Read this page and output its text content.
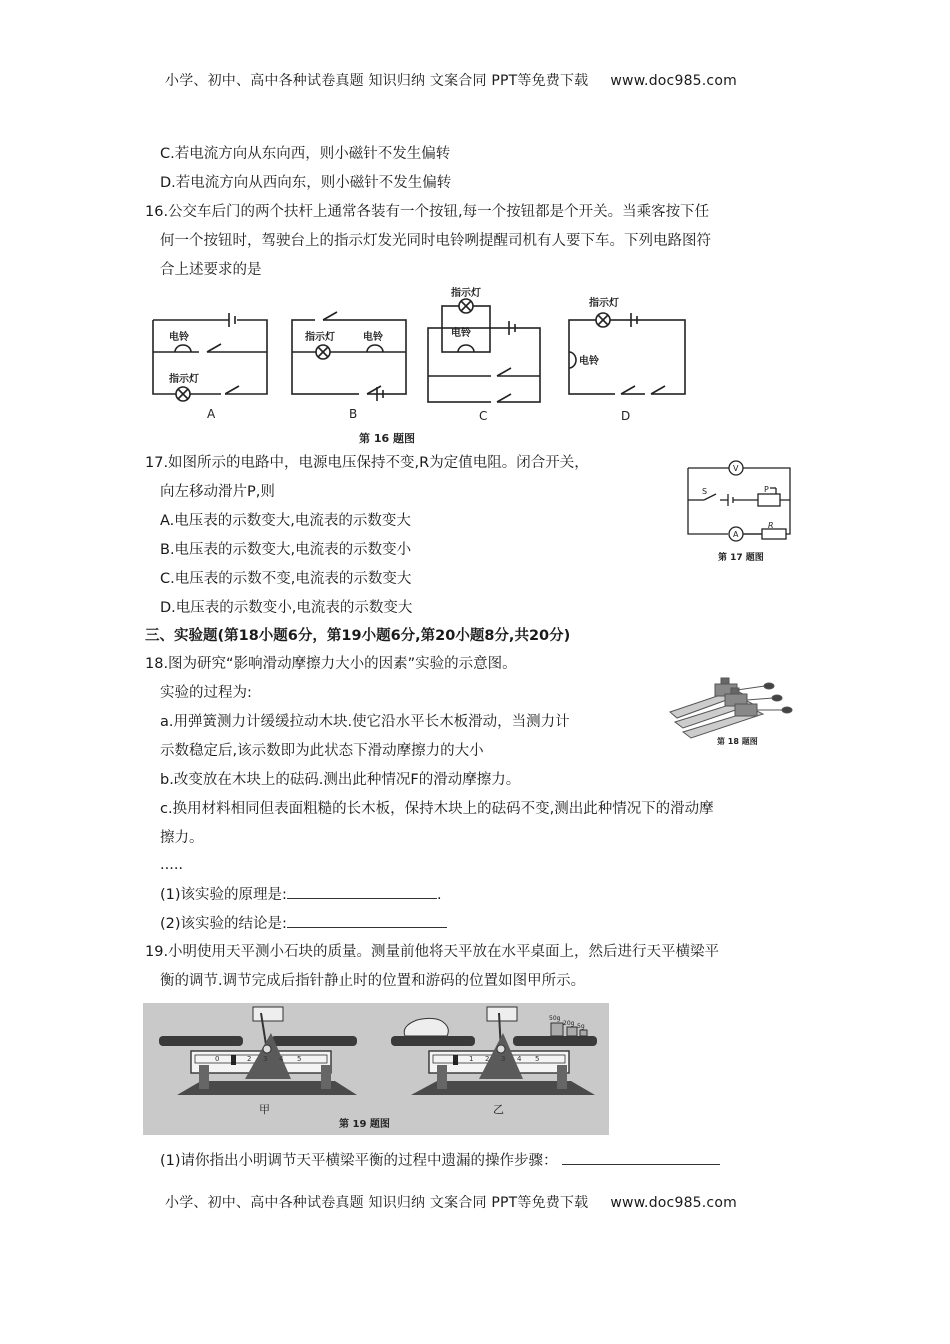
小学、初中、高中各种试卷真题 知识归纳 文案合同 PPT等免费下载 www.doc985.com
C.若电流方向从东向西，则小磁针不发生偏转
D.若电流方向从西向东，则小磁针不发生偏转
16.公交车后门的两个扶杆上通常各装有一个按钮,每一个按钮都是个开关。当乘客按下任
何一个按钮时，驾驶台上的指示灯发光同时电铃咧提醒司机有人要下车。下列电路图符
合上述要求的是
电铃
指示灯
指示灯	电铃
指示灯
电铃
指示灯
电铃
A	B	C	D
第 16 题图
17.如图所示的电路中，电源电压保持不变,R为定值电阻。闭合开关，
向左移动滑片P,则
A.电压表的示数变大,电流表的示数变大
B.电压表的示数变大,电流表的示数变小
C.电压表的示数不变,电流表的示数变大
D.电压表的示数变小,电流表的示数变大
V
A
S	P
R
第 17 题图
三、实验题(第18小题6分，第19小题6分,第20小题8分,共20分)
18.图为研究“影响滑动摩擦力大小的因素”实验的示意图。
实验的过程为:
a.用弹簧测力计缓缓拉动木块.使它沿水平长木板滑动，当测力计
示数稳定后,该示数即为此状态下滑动摩擦力的大小
b.改变放在木块上的砝码.测出此种情况F的滑动摩擦力。
c.换用材料相同但表面粗糙的长木板，保持木块上的砝码不变,测出此种情况下的滑动摩
擦力。
.....
(1)该实验的原理是:	.
(2)该实验的结论是:
第 18 题图
19.小明使用天平测小石块的质量。测量前他将天平放在水平桌面上，然后进行天平横梁平
衡的调节.调节完成后指针静止时的位置和游码的位置如图甲所示。
0 1 2 3 4 5
50g
20g 5g
0 1 2 3 4 5
甲	乙
第 19 题图
(1)请你指出小明调节天平横梁平衡的过程中遗漏的操作步骤：
小学、初中、高中各种试卷真题 知识归纳 文案合同 PPT等免费下载 www.doc985.com
